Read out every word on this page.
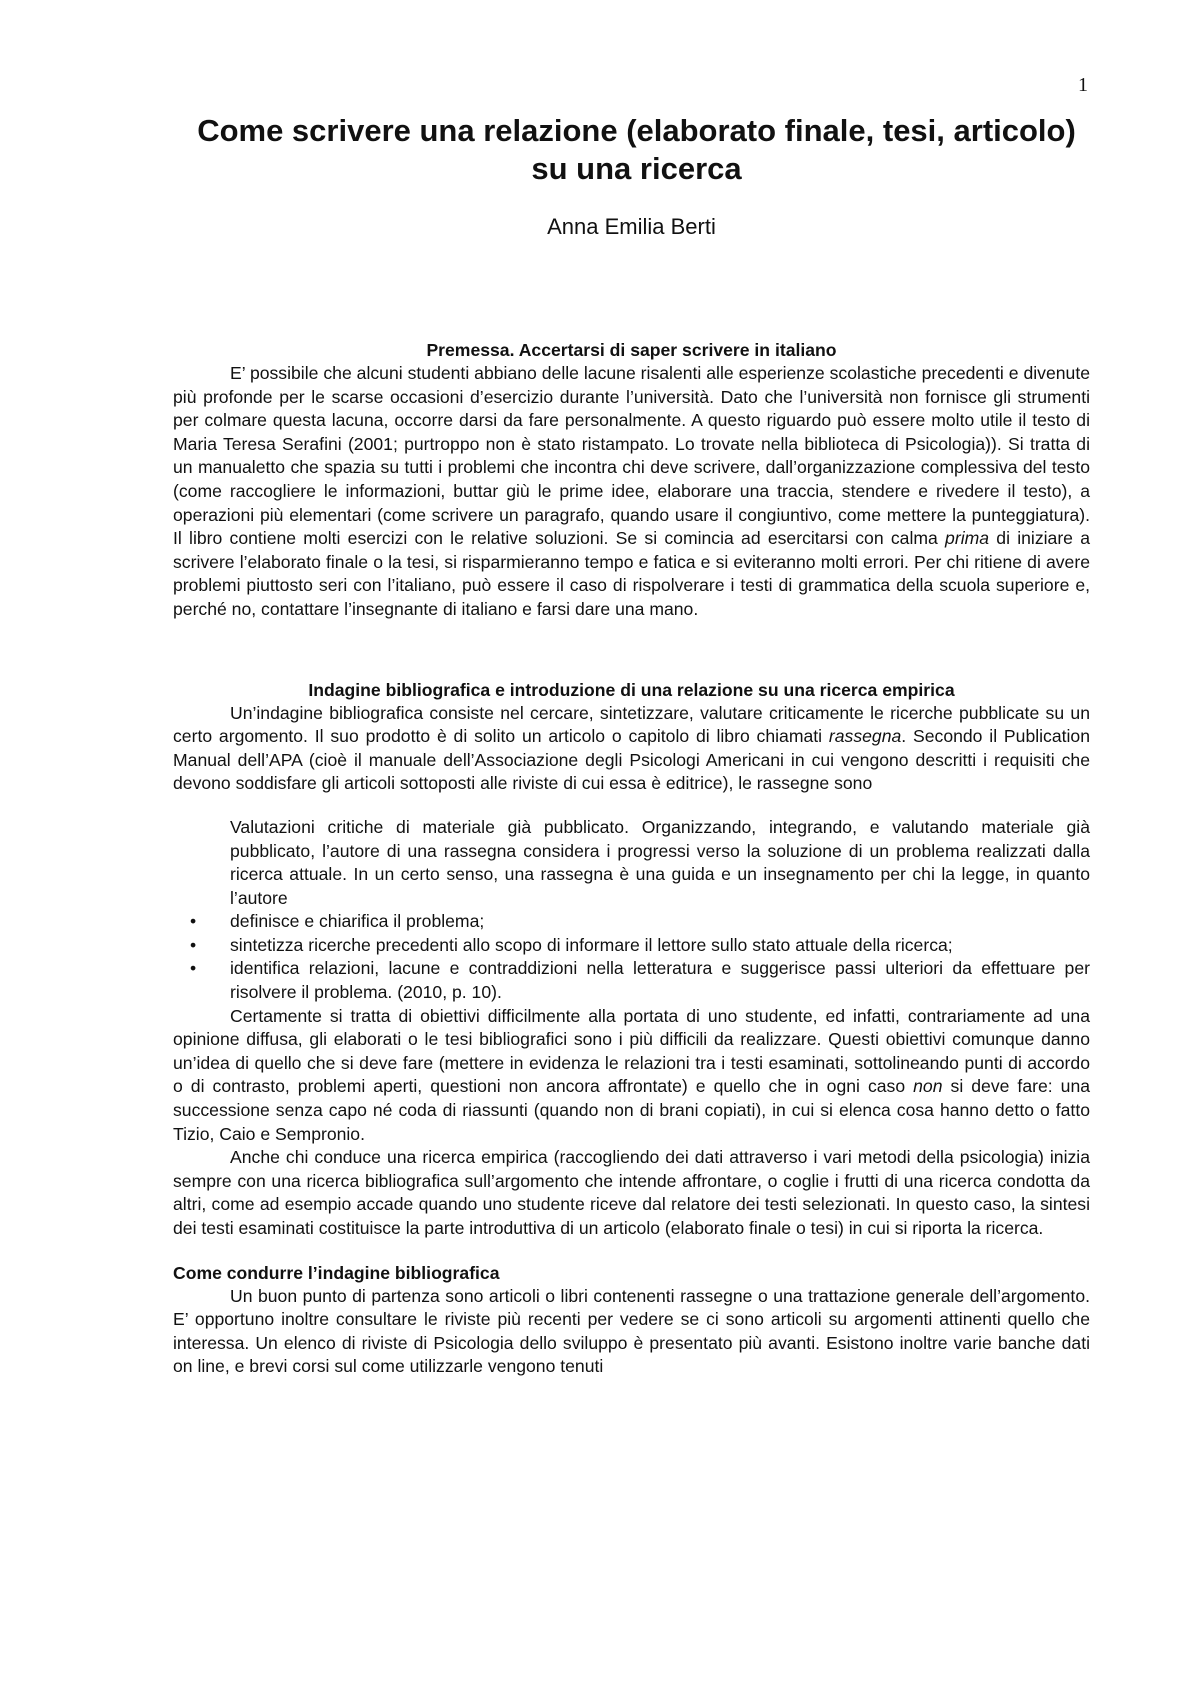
1
Come scrivere una relazione (elaborato finale, tesi, articolo) su una ricerca
Anna Emilia Berti
Premessa. Accertarsi di saper scrivere in italiano

E’ possibile che alcuni studenti abbiano delle lacune risalenti alle esperienze scolastiche precedenti e divenute più profonde per le scarse occasioni d’esercizio durante l’università. Dato che l’università non fornisce gli strumenti per colmare questa lacuna, occorre darsi da fare personalmente. A questo riguardo può essere molto utile il testo di Maria Teresa Serafini (2001; purtroppo non è stato ristampato. Lo trovate nella biblioteca di Psicologia)). Si tratta di un manualetto che spazia su tutti i problemi che incontra chi deve scrivere, dall’organizzazione complessiva del testo (come raccogliere le informazioni, buttar giù le prime idee, elaborare una traccia, stendere e rivedere il testo), a operazioni più elementari (come scrivere un paragrafo, quando usare il congiuntivo, come mettere la punteggiatura). Il libro contiene molti esercizi con le relative soluzioni. Se si comincia ad esercitarsi con calma prima di iniziare a scrivere l’elaborato finale o la tesi, si risparmieranno tempo e fatica e si eviteranno molti errori. Per chi ritiene di avere problemi piuttosto seri con l’italiano, può essere il caso di rispolverare i testi di grammatica della scuola superiore e, perché no, contattare l’insegnante di italiano e farsi dare una mano.

Indagine bibliografica e introduzione di una relazione su una ricerca empirica

Un’indagine bibliografica consiste nel cercare, sintetizzare, valutare criticamente le ricerche pubblicate su un certo argomento. Il suo prodotto è di solito un articolo o capitolo di libro chiamati rassegna. Secondo il Publication Manual dell’APA (cioè il manuale dell’Associazione degli Psicologi Americani in cui vengono descritti i requisiti che devono soddisfare gli articoli sottoposti alle riviste di cui essa è editrice), le rassegne sono

Valutazioni critiche di materiale già pubblicato. Organizzando, integrando, e valutando materiale già pubblicato, l’autore di una rassegna considera i progressi verso la soluzione di un problema realizzati dalla ricerca attuale. In un certo senso, una rassegna è una guida e un insegnamento per chi la legge, in quanto l’autore

• definisce e chiarifica il problema;
• sintetizza ricerche precedenti allo scopo di informare il lettore sullo stato attuale della ricerca;
• identifica relazioni, lacune e contraddizioni nella letteratura e suggerisce passi ulteriori da effettuare per risolvere il problema. (2010, p. 10).

Certamente si tratta di obiettivi difficilmente alla portata di uno studente, ed infatti, contrariamente ad una opinione diffusa, gli elaborati o le tesi bibliografici sono i più difficili da realizzare. Questi obiettivi comunque danno un’idea di quello che si deve fare (mettere in evidenza le relazioni tra i testi esaminati, sottolineando punti di accordo o di contrasto, problemi aperti, questioni non ancora affrontate) e quello che in ogni caso non si deve fare: una successione senza capo né coda di riassunti (quando non di brani copiati), in cui si elenca cosa hanno detto o fatto Tizio, Caio e Sempronio.

Anche chi conduce una ricerca empirica (raccogliendo dei dati attraverso i vari metodi della psicologia) inizia sempre con una ricerca bibliografica sull’argomento che intende affrontare, o coglie i frutti di una ricerca condotta da altri, come ad esempio accade quando uno studente riceve dal relatore dei testi selezionati. In questo caso, la sintesi dei testi esaminati costituisce la parte introduttiva di un articolo (elaborato finale o tesi) in cui si riporta la ricerca.

Come condurre l’indagine bibliografica

Un buon punto di partenza sono articoli o libri contenenti rassegne o una trattazione generale dell’argomento. E’ opportuno inoltre consultare le riviste più recenti per vedere se ci sono articoli su argomenti attinenti quello che interessa. Un elenco di riviste di Psicologia dello sviluppo è presentato più avanti. Esistono inoltre varie banche dati on line, e brevi corsi sul come utilizzarle vengono tenuti
